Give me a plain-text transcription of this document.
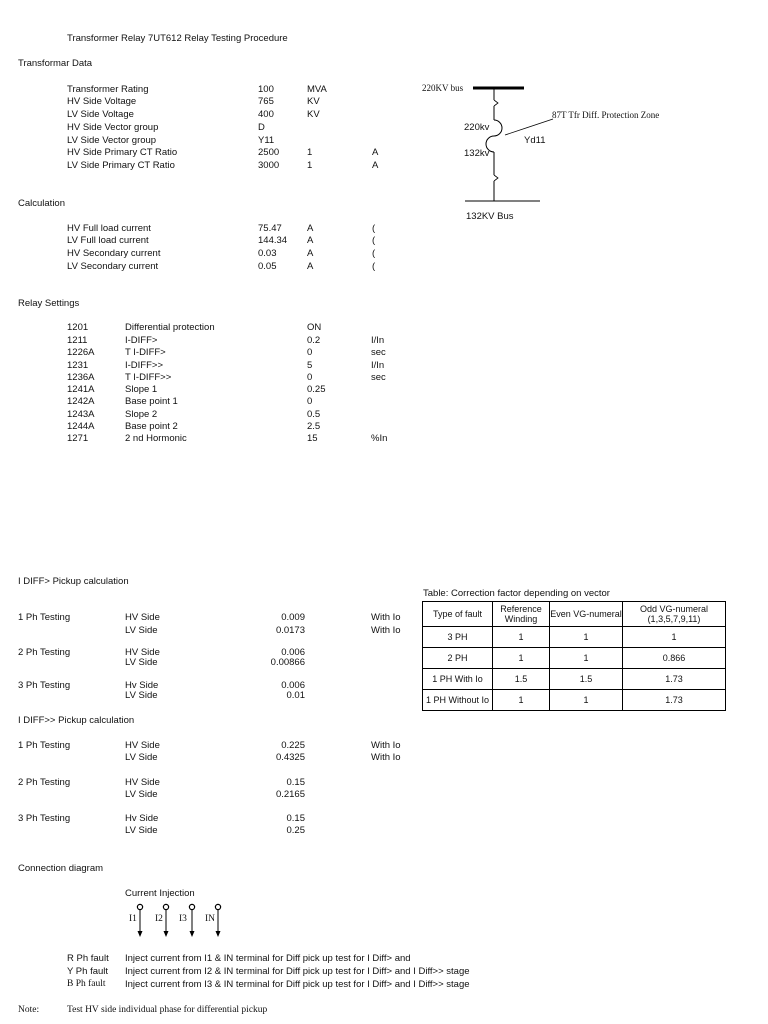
Transformer Relay 7UT612 Relay Testing Procedure
Transformar Data
Transformer Rating	100	MVA
HV Side Voltage	765	KV
LV Side Voltage	400	KV
HV Side Vector group	D
LV Side Vector group	Y11
HV Side Primary CT Ratio	2500	1	A
LV Side Primary CT Ratio	3000	1	A
220KV bus
87T Tfr Diff. Protection Zone
220kv
Yd11
132kv
132KV Bus
Calculation
HV Full load current	75.47	A	(
LV Full load current	144.34 A	(
HV Secondary current	0.03	A	(
LV Secondary current	0.05	A	(
Relay Settings
1201	Differential protection	ON
1211	I-DIFF>	0.2	I/In
1226A	T I-DIFF>	0	sec
1231	I-DIFF>>	5	I/In
1236A	T I-DIFF>>	0	sec
1241A	Slope 1	0.25
1242A	Base point 1	0
1243A	Slope 2	0.5
1244A	Base point 2	2.5
1271	2 nd Hormonic	15	%In
I DIFF> Pickup calculation
1 Ph Testing	HV Side	0.009	With Io
LV Side	0.0173	With Io
2 Ph Testing	HV Side	0.006
LV Side	0.00866
3 Ph Testing	Hv Side	0.006
LV Side	0.01
I DIFF>> Pickup calculation
1 Ph Testing	HV Side	0.225	With Io
LV Side	0.4325	With Io
2 Ph Testing	HV Side	0.15
LV Side	0.2165
3 Ph Testing	Hv Side	0.15
LV Side	0.25
Table: Correction factor depending on vector
Type of fault	Reference Winding	Even VG-numeral	Odd VG-numeral (1,3,5,7,9,11)
3 PH	1	1	1
2 PH	1	1	0.866
1 PH With Io	1.5	1.5	1.73
1 PH Without Io	1	1	1.73
Connection diagram
Current Injection
I1 I2 I3 IN
R Ph fault Inject current from I1 & IN terminal for Diff pick up test for I Diff> and
Y Ph fault Inject current from I2 & IN terminal for Diff pick up test for I Diff> and I Diff>> stage
B Ph fault Inject current from I3 & IN terminal for Diff pick up test for I Diff> and I Diff>> stage
Note:	Test HV side individual phase for differential pickup
